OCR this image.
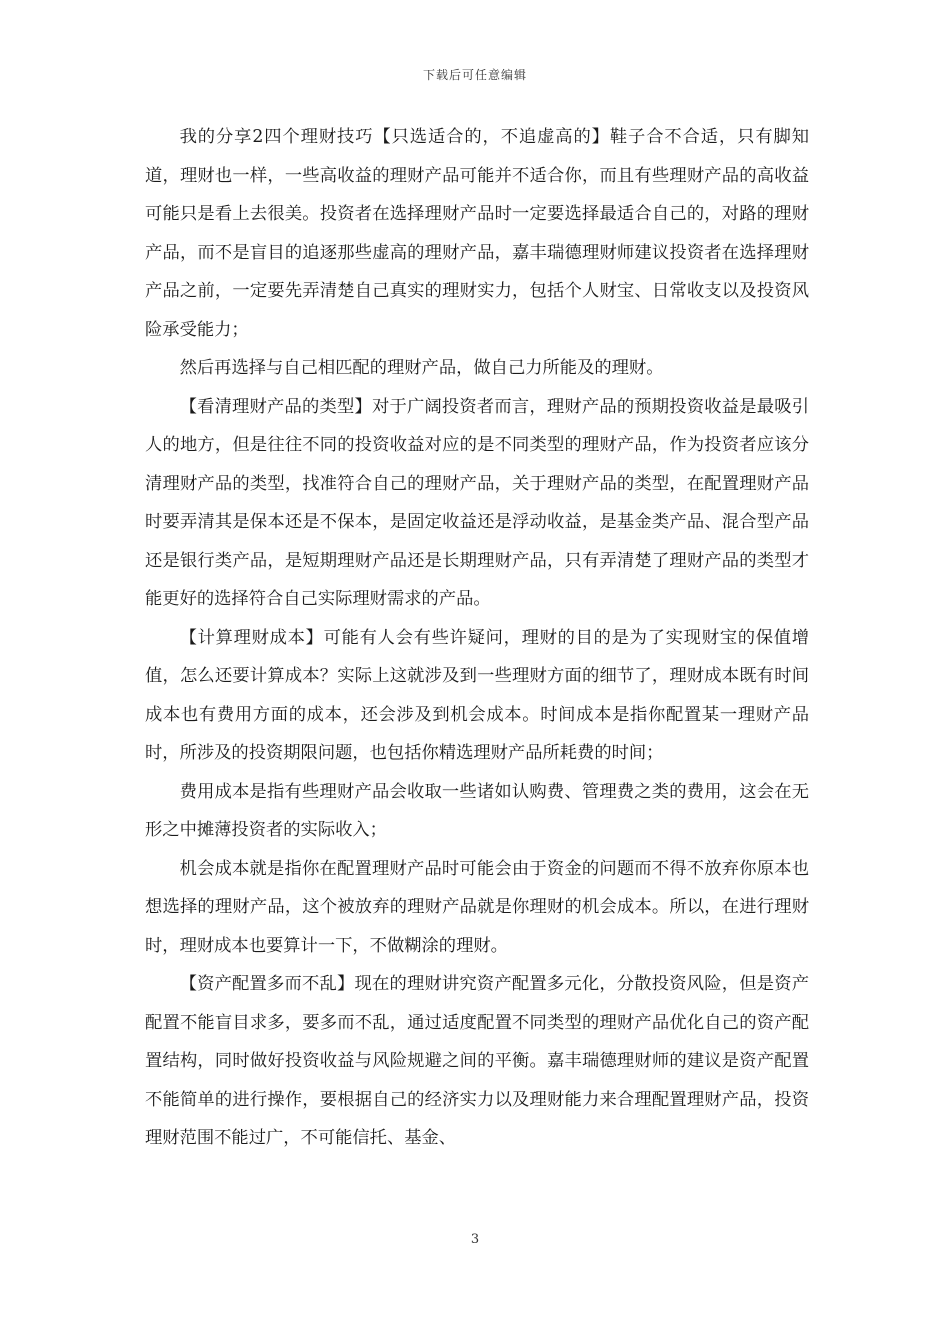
下载后可任意编辑

我的分享2四个理财技巧【只选适合的，不追虚高的】鞋子合不合适，只有脚知道，理财也一样，一些高收益的理财产品可能并不适合你，而且有些理财产品的高收益可能只是看上去很美。投资者在选择理财产品时一定要选择最适合自己的，对路的理财产品，而不是盲目的追逐那些虚高的理财产品，嘉丰瑞德理财师建议投资者在选择理财产品之前，一定要先弄清楚自己真实的理财实力，包括个人财宝、日常收支以及投资风险承受能力；

然后再选择与自己相匹配的理财产品，做自己力所能及的理财。

【看清理财产品的类型】对于广阔投资者而言，理财产品的预期投资收益是最吸引人的地方，但是往往不同的投资收益对应的是不同类型的理财产品，作为投资者应该分清理财产品的类型，找准符合自己的理财产品，关于理财产品的类型，在配置理财产品时要弄清其是保本还是不保本，是固定收益还是浮动收益，是基金类产品、混合型产品还是银行类产品，是短期理财产品还是长期理财产品，只有弄清楚了理财产品的类型才能更好的选择符合自己实际理财需求的产品。

【计算理财成本】可能有人会有些许疑问，理财的目的是为了实现财宝的保值增值，怎么还要计算成本？实际上这就涉及到一些理财方面的细节了，理财成本既有时间成本也有费用方面的成本，还会涉及到机会成本。时间成本是指你配置某一理财产品时，所涉及的投资期限问题，也包括你精选理财产品所耗费的时间；

费用成本是指有些理财产品会收取一些诸如认购费、管理费之类的费用，这会在无形之中摊薄投资者的实际收入；

机会成本就是指你在配置理财产品时可能会由于资金的问题而不得不放弃你原本也想选择的理财产品，这个被放弃的理财产品就是你理财的机会成本。所以，在进行理财时，理财成本也要算计一下，不做糊涂的理财。

【资产配置多而不乱】现在的理财讲究资产配置多元化，分散投资风险，但是资产配置不能盲目求多，要多而不乱，通过适度配置不同类型的理财产品优化自己的资产配置结构，同时做好投资收益与风险规避之间的平衡。嘉丰瑞德理财师的建议是资产配置不能简单的进行操作，要根据自己的经济实力以及理财能力来合理配置理财产品，投资理财范围不能过广，不可能信托、基金、

3
